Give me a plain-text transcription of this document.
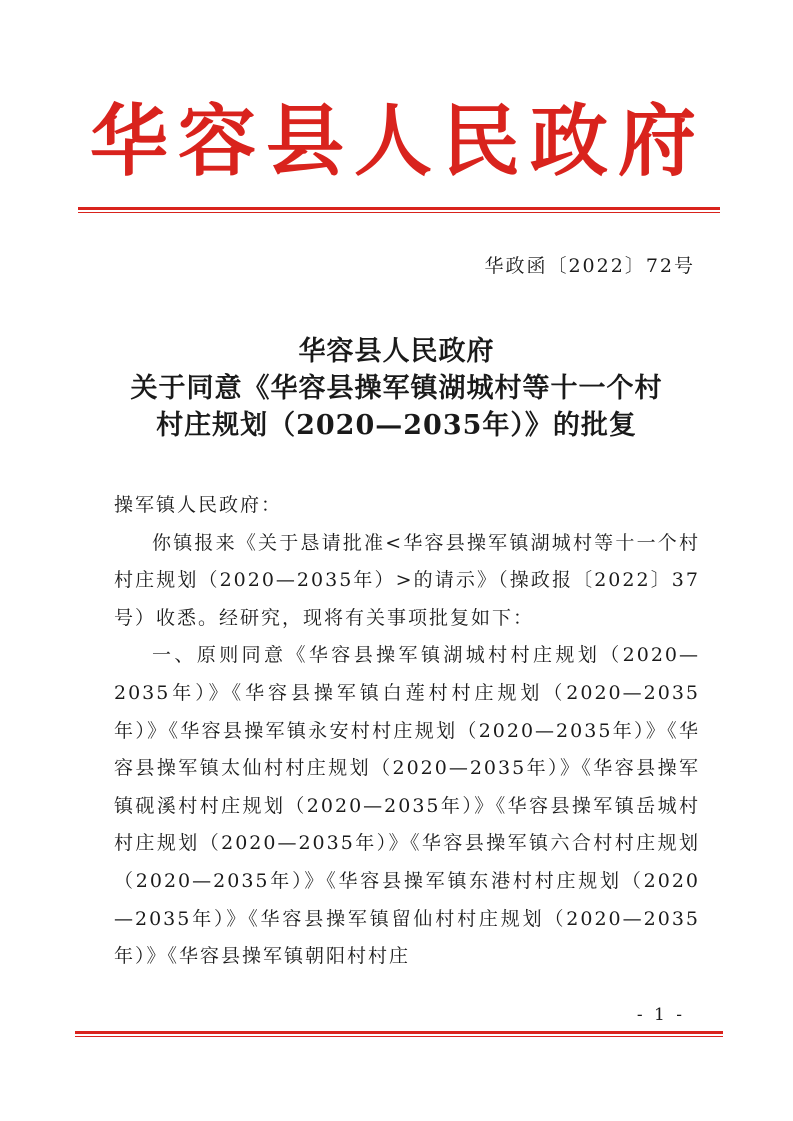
华容县人民政府
华政函〔2022〕72号
华容县人民政府
关于同意《华容县操军镇湖城村等十一个村
村庄规划（2020—2035年）》的批复

操军镇人民政府：

你镇报来《关于恳请批准<华容县操军镇湖城村等十一个村村庄规划（2020—2035年）>的请示》（操政报〔2022〕37号）收悉。经研究，现将有关事项批复如下：

一、原则同意《华容县操军镇湖城村村庄规划（2020—2035年）》《华容县操军镇白莲村村庄规划（2020—2035年）》《华容县操军镇永安村村庄规划（2020—2035年）》《华容县操军镇太仙村村庄规划（2020—2035年）》《华容县操军镇砚溪村村庄规划（2020—2035年）》《华容县操军镇岳城村村庄规划（2020—2035年）》《华容县操军镇六合村村庄规划（2020—2035年）》《华容县操军镇东港村村庄规划（2020—2035年）》《华容县操军镇留仙村村庄规划（2020—2035年）》《华容县操军镇朝阳村村庄

- 1 -
